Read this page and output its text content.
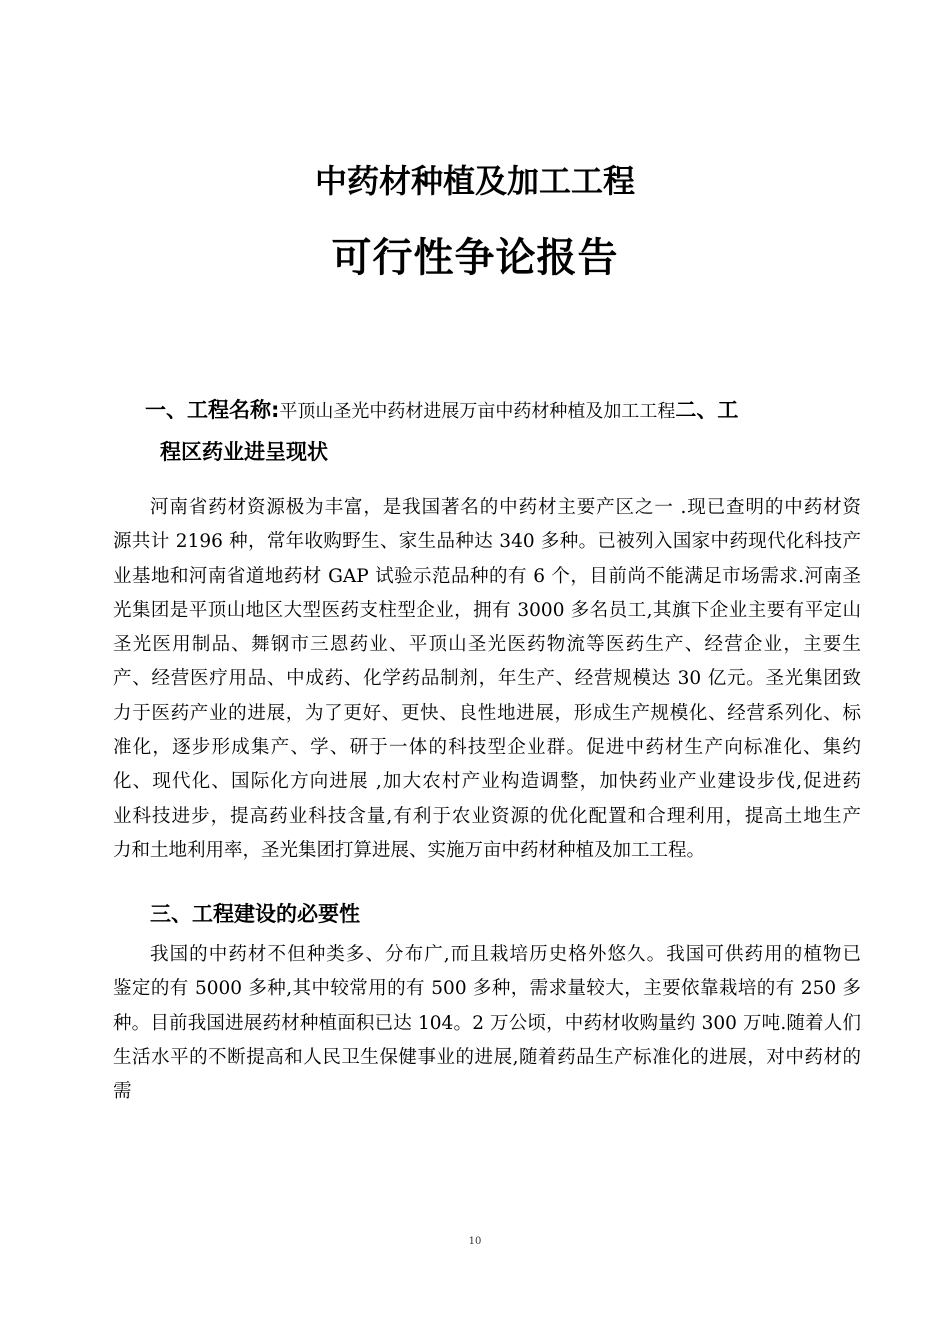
中药材种植及加工工程
可行性争论报告
一、工程名称:平顶山圣光中药材进展万亩中药材种植及加工工程二、工
程区药业进呈现状
河南省药材资源极为丰富，是我国著名的中药材主要产区之一 .现已查明的中药材资
源共计 2196 种，常年收购野生、家生品种达 340 多种。已被列入国家中药现代化科技产
业基地和河南省道地药材 GAP 试验示范品种的有 6 个，目前尚不能满足市场需求.河南圣
光集团是平顶山地区大型医药支柱型企业，拥有 3000 多名员工,其旗下企业主要有平定山
圣光医用制品、舞钢市三恩药业、平顶山圣光医药物流等医药生产、经营企业，主要生
产、经营医疗用品、中成药、化学药品制剂，年生产、经营规模达 30 亿元。圣光集团致
力于医药产业的进展，为了更好、更快、良性地进展，形成生产规模化、经营系列化、标
准化，逐步形成集产、学、研于一体的科技型企业群。促进中药材生产向标准化、集约
化、现代化、国际化方向进展 ,加大农村产业构造调整，加快药业产业建设步伐,促进药
业科技进步，提高药业科技含量,有利于农业资源的优化配置和合理利用，提高土地生产
力和土地利用率，圣光集团打算进展、实施万亩中药材种植及加工工程。
三、工程建设的必要性
我国的中药材不但种类多、分布广,而且栽培历史格外悠久。我国可供药用的植物已
鉴定的有 5000 多种,其中较常用的有 500 多种，需求量较大，主要依靠栽培的有 250 多
种。目前我国进展药材种植面积已达 104。2 万公顷，中药材收购量约 300 万吨.随着人们
生活水平的不断提高和人民卫生保健事业的进展,随着药品生产标准化的进展，对中药材的
需
10
